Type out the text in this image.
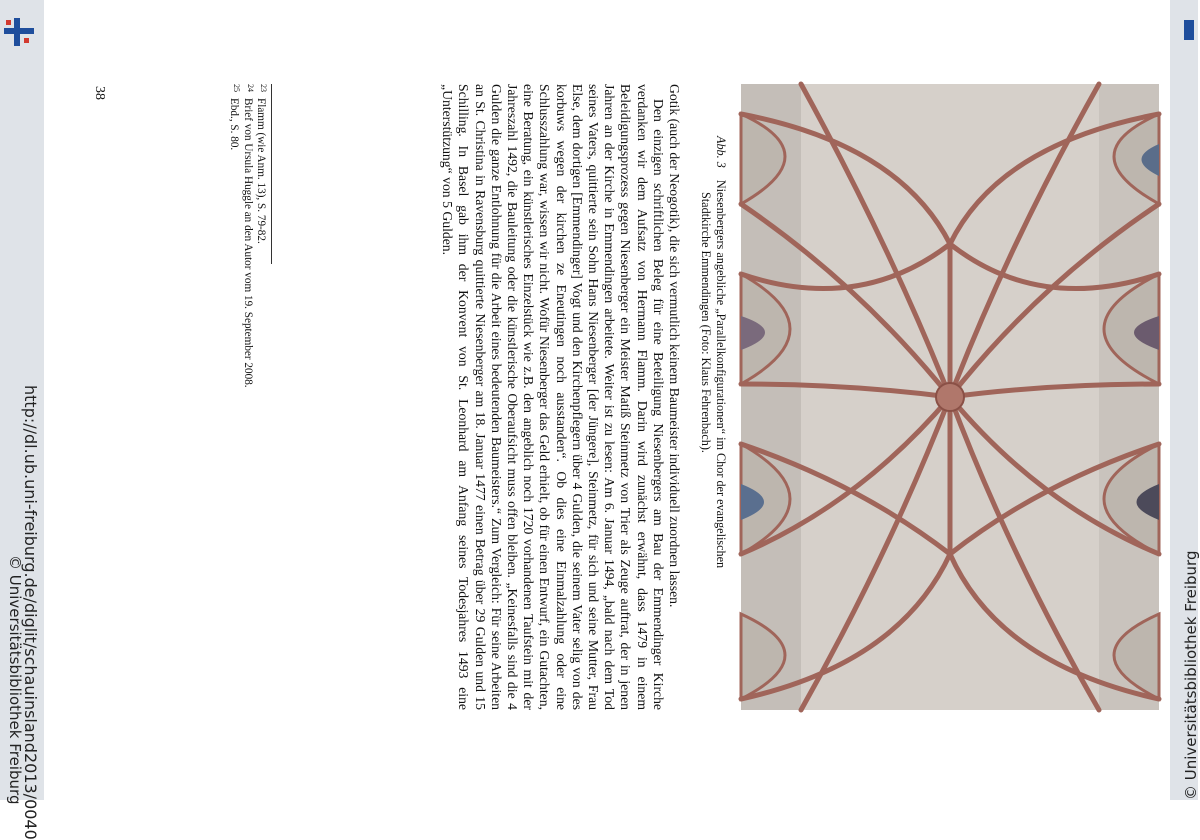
Abb. 3Niesenbergers angebliche „Parallelkonfigurationen“ im Chor der evangelischen
Stadtkirche Emmendingen (Foto: Klaus Fehrenbach).

Gotik (auch der Neogotik), die sich vermutlich keinem Baumeister individuell zuordnen lassen.

Den einzigen schriftlichen Beleg für eine Beteiligung Niesenbergers am Bau der Emmendinger Kirche verdanken wir dem Aufsatz von Hermann Flamm. Darin wird zunächst erwähnt, dass 1479 in einem Beleidigungsprozess gegen Niesenberger ein Meister Matiß Steinmetz von Trier als Zeuge auftrat, der in jenen Jahren an der Kirche in Emmendingen arbeitete. Weiter ist zu lesen: Am 6. Januar 1494, „bald nach dem Tod seines Vaters, quittierte sein Sohn Hans Niesenberger [der Jüngere], Steinmetz, für sich und seine Mutter, Frau Else, dem dortigen [Emmendinger] Vogt und den Kirchenpflegern über 4 Gulden, die seinem Vater selig von des korbuws wegen der kirchen ze Eneutingen noch ausstanden“. Ob dies eine Einmalzahlung oder eine Schlusszahlung war, wissen wir nicht. Wofür Niesenberger das Geld erhielt, ob für einen Entwurf, ein Gutachten, eine Beratung, ein künstlerisches Einzelstück wie z.B. den angeblich noch 1720 vorhandenen Taufstein mit der Jahreszahl 1492, die Bauleitung oder die künstlerische Oberaufsicht muss offen bleiben. „Keinesfalls sind die 4 Gulden die ganze Entlohnung für die Arbeit eines bedeutenden Baumeisters.“ Zum Vergleich: Für seine Arbeiten an St. Christina in Ravensburg quittierte Niesenberger am 18. Januar 1477 einen Betrag über 29 Gulden und 15 Schilling. In Basel gab ihm der Konvent von St. Leonhard am Anfang seines Todesjahres 1493 eine „Unterstützung“ von 5 Gulden.

23
Flamm (wie Anm. 13), S. 79-82.
24
Brief von Ursula Huggle an den Autor vom 19. September 2008.
25
Ebd., S. 80.
38
http://dl.ub.uni-freiburg.de/diglit/schauinsland2013/0040
© Universitätsbibliothek Freiburg	© Universitätsbibliothek Freiburg
